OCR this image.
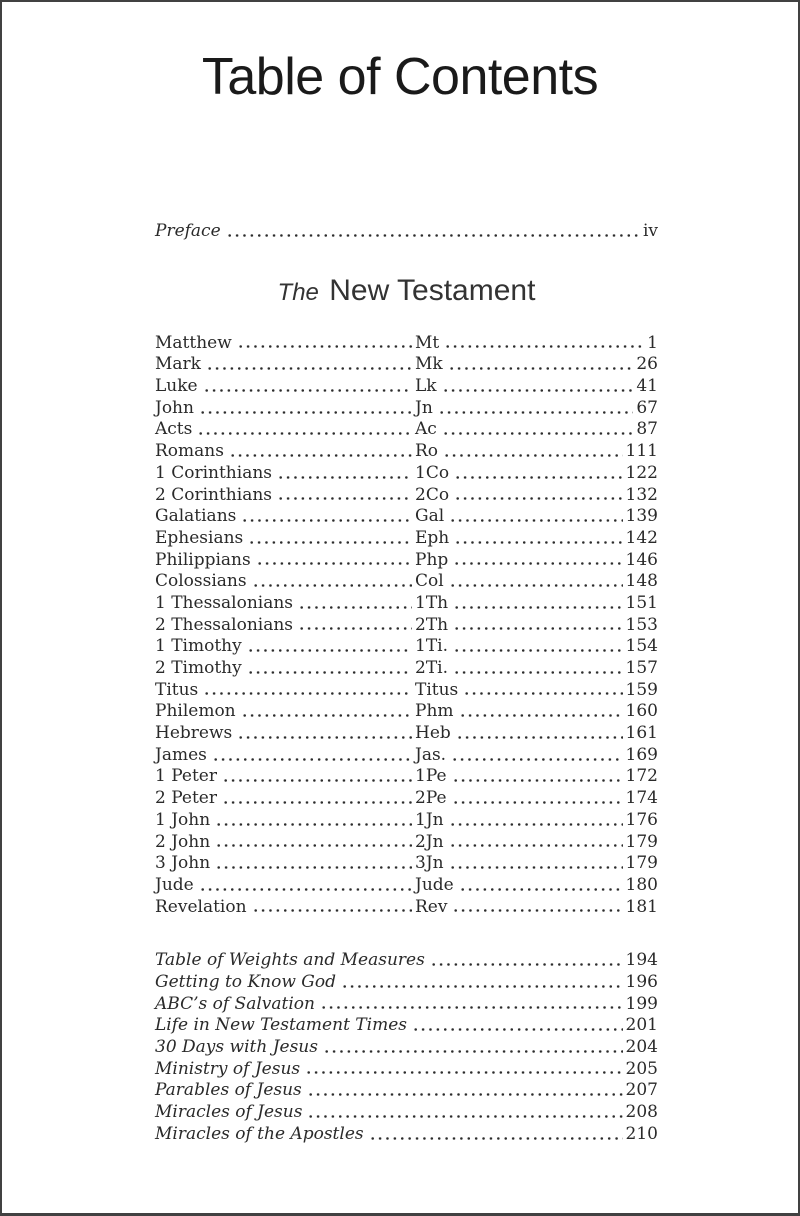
Table of Contents
Preface	iv
The New Testament
Matthew	Mt	1
Mark	Mk	26
Luke	Lk	41
John	Jn	67
Acts	Ac	87
Romans	Ro	111
1 Corinthians	1Co	122
2 Corinthians	2Co	132
Galatians	Gal	139
Ephesians	Eph	142
Philippians	Php	146
Colossians	Col	148
1 Thessalonians	1Th	151
2 Thessalonians	2Th	153
1 Timothy	1Ti.	154
2 Timothy	2Ti.	157
Titus	Titus	159
Philemon	Phm	160
Hebrews	Heb	161
James	Jas.	169
1 Peter	1Pe	172
2 Peter	2Pe	174
1 John	1Jn	176
2 John	2Jn	179
3 John	3Jn	179
Jude	Jude	180
Revelation	Rev	181
Table of Weights and Measures	194
Getting to Know God	196
ABC’s of Salvation	199
Life in New Testament Times	201
30 Days with Jesus	204
Ministry of Jesus	205
Parables of Jesus	207
Miracles of Jesus	208
Miracles of the Apostles	210
